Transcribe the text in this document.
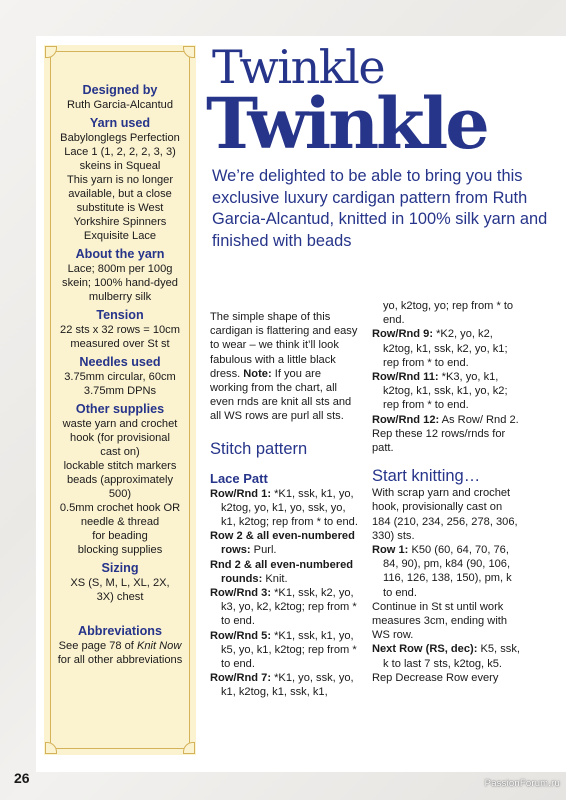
Designed by

Ruth Garcia-Alcantud

Yarn used

Babylonglegs Perfection

Lace 1 (1, 2, 2, 2, 3, 3)

skeins in Squeal

This yarn is no longer

available, but a close

substitute is West

Yorkshire Spinners

Exquisite Lace

About the yarn

Lace; 800m per 100g

skein; 100% hand-dyed

mulberry silk

Tension

22 sts x 32 rows = 10cm

measured over St st

Needles used

3.75mm circular, 60cm

3.75mm DPNs

Other supplies

waste yarn and crochet

hook (for provisional

cast on)

lockable stitch markers

beads (approximately

500)

0.5mm crochet hook OR

needle & thread

for beading

blocking supplies

Sizing

XS (S, M, L, XL, 2X,

3X) chest

Abbreviations

See page 78 of Knit Now

for all other abbreviations

Twinkle
Twinkle

We’re delighted to be able to bring you this exclusive luxury cardigan pattern from Ruth Garcia-Alcantud, knitted in 100% silk yarn and finished with beads

The simple shape of this cardigan is flattering and easy to wear – we think it’ll look fabulous with a little black dress. Note: If you are working from the chart, all even rnds are knit all sts and all WS rows are purl all sts.

Stitch pattern
Lace Patt

Row/Rnd 1: *K1, ssk, k1, yo, k2tog, yo, k1, yo, ssk, yo, k1, k2tog; rep from * to end.

Row 2 & all even-numbered rows: Purl.

Rnd 2 & all even-numbered rounds: Knit.

Row/Rnd 3: *K1, ssk, k2, yo, k3, yo, k2, k2tog; rep from * to end.

Row/Rnd 5: *K1, ssk, k1, yo, k5, yo, k1, k2tog; rep from * to end.

Row/Rnd 7: *K1, yo, ssk, yo, k1, k2tog, k1, ssk, k1,

yo, k2tog, yo; rep from * to end.

Row/Rnd 9: *K2, yo, k2, k2tog, k1, ssk, k2, yo, k1; rep from * to end.

Row/Rnd 11: *K3, yo, k1, k2tog, k1, ssk, k1, yo, k2; rep from * to end.

Row/Rnd 12: As Row/ Rnd 2.

Rep these 12 rows/rnds for patt.

Start knitting…

With scrap yarn and crochet hook, provisionally cast on 184 (210, 234, 256, 278, 306, 330) sts.

Row 1: K50 (60, 64, 70, 76, 84, 90), pm, k84 (90, 106, 116, 126, 138, 150), pm, k to end.

Continue in St st until work measures 3cm, ending with WS row.

Next Row (RS, dec): K5, ssk, k to last 7 sts, k2tog, k5.

Rep Decrease Row every

26	PassionForum.ru
